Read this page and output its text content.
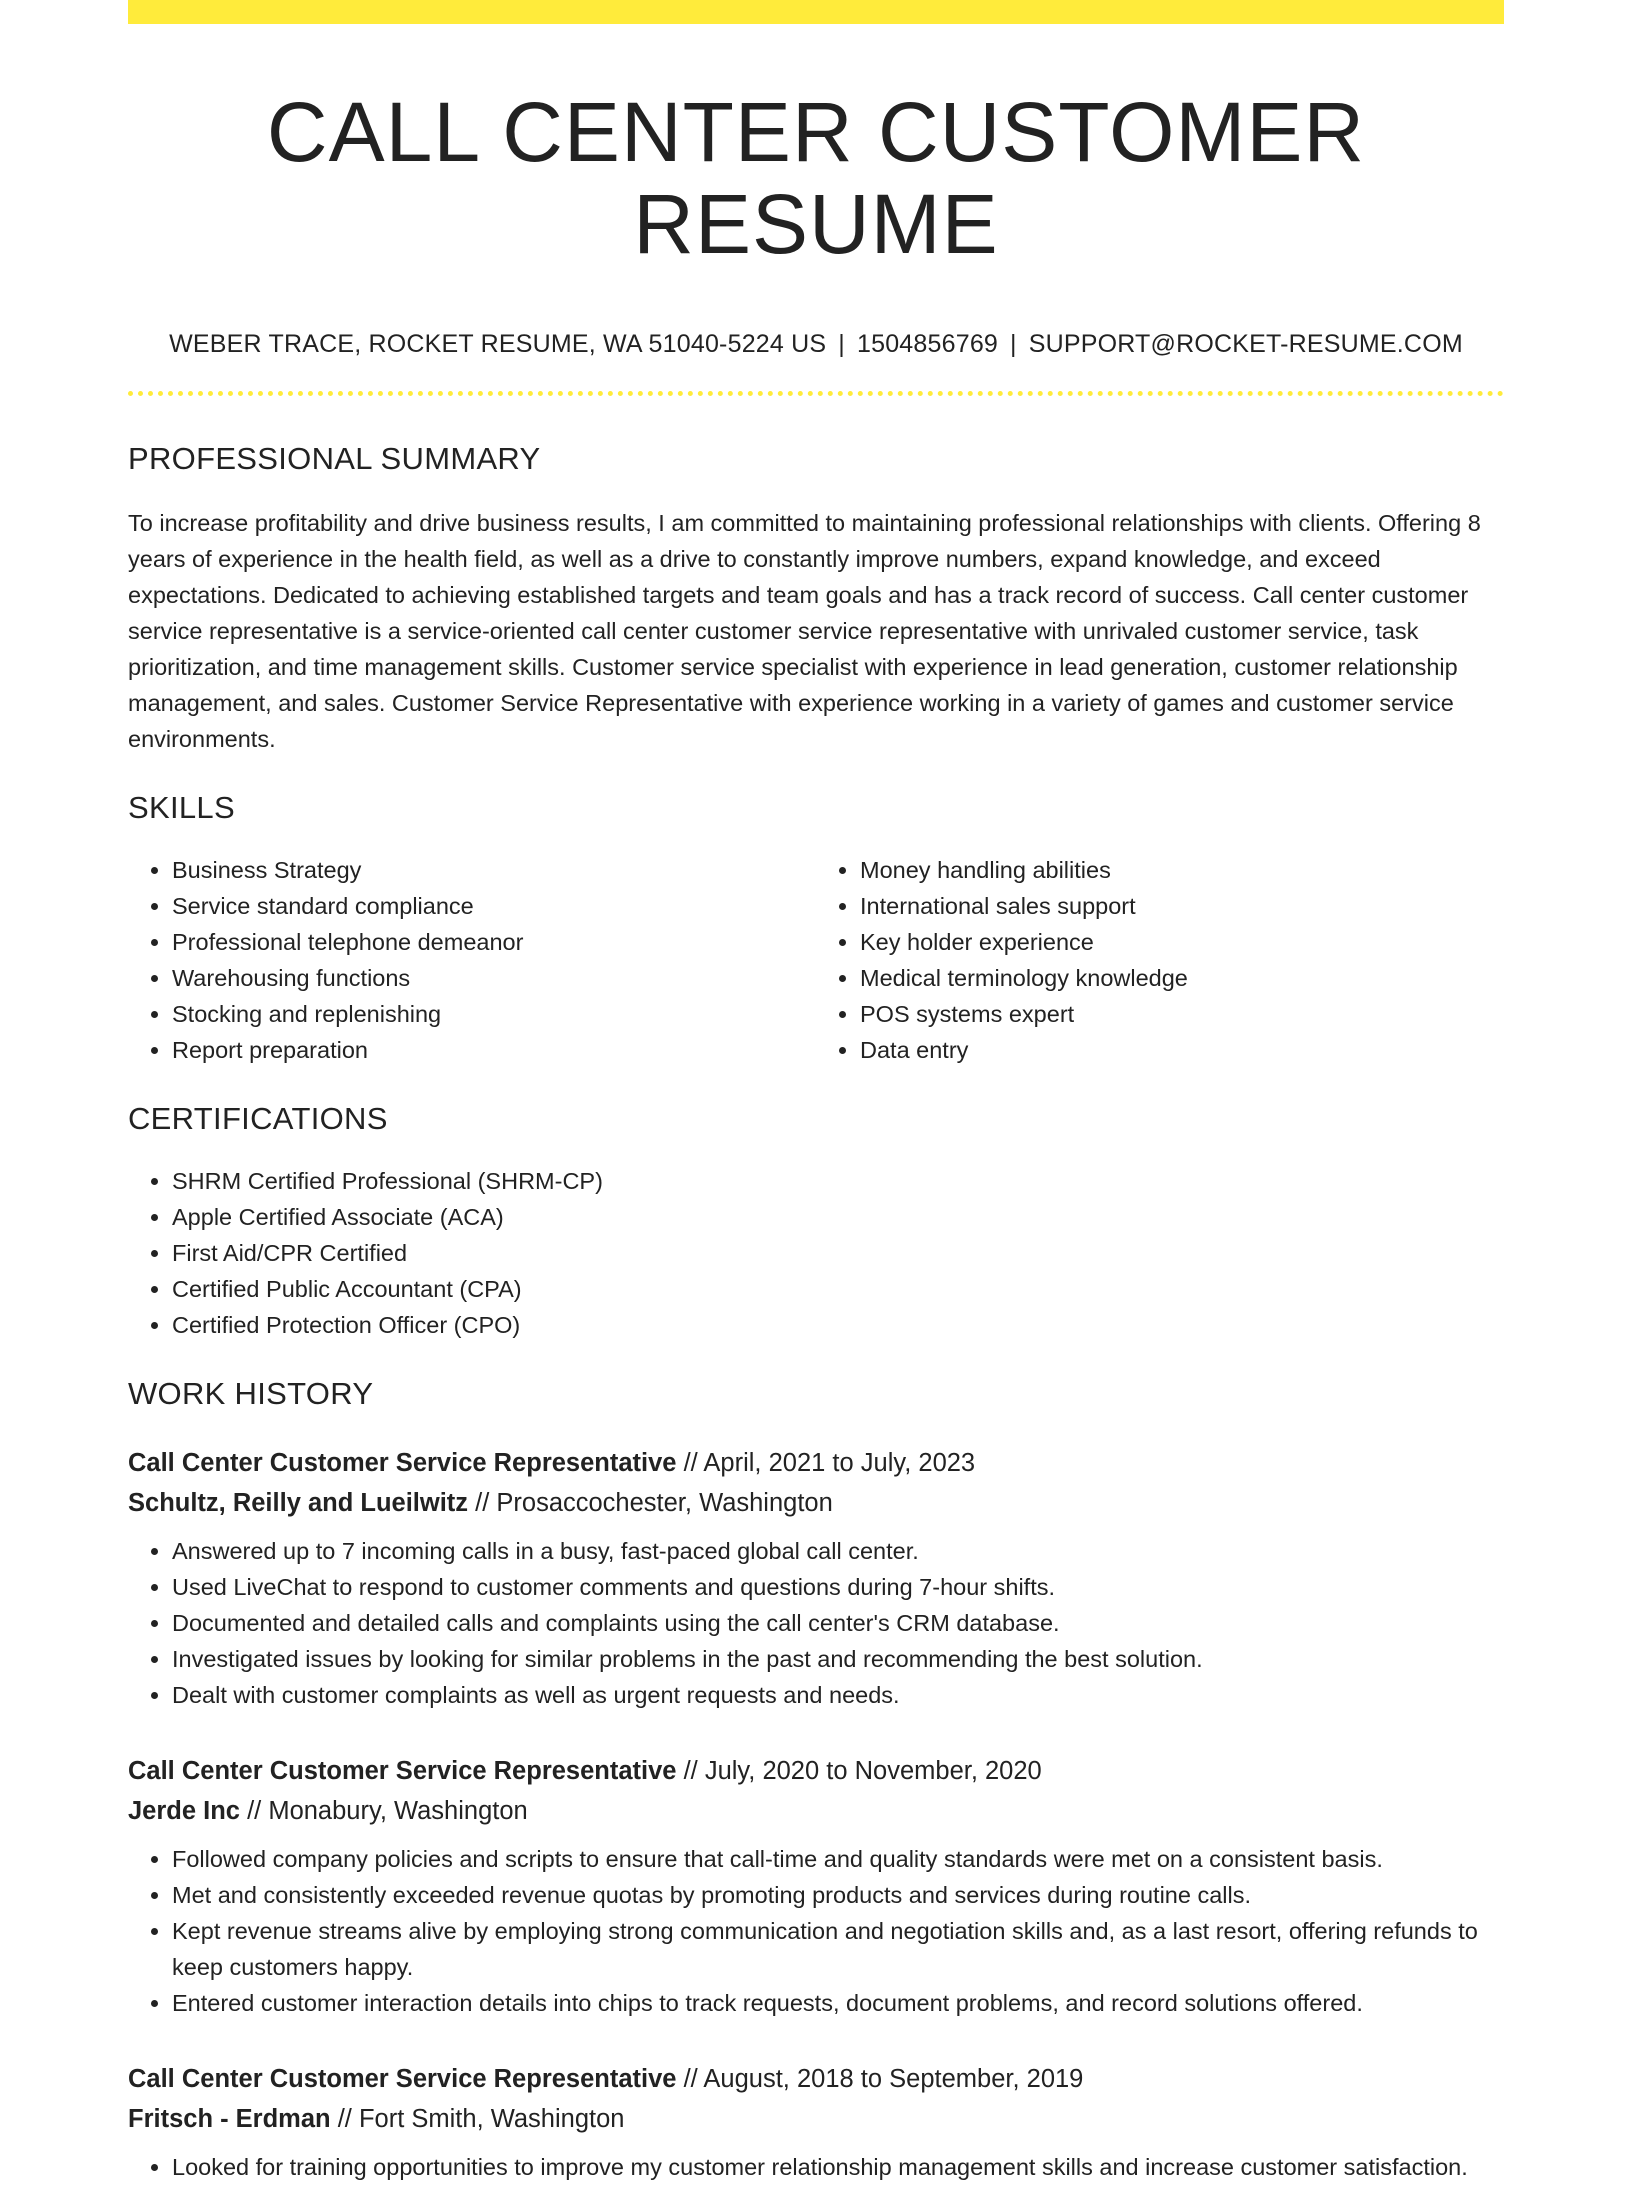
CALL CENTER CUSTOMER RESUME
WEBER TRACE, ROCKET RESUME, WA 51040-5224 US | 1504856769 | SUPPORT@ROCKET-RESUME.COM
PROFESSIONAL SUMMARY

To increase profitability and drive business results, I am committed to maintaining professional relationships with clients. Offering 8 years of experience in the health field, as well as a drive to constantly improve numbers, expand knowledge, and exceed expectations. Dedicated to achieving established targets and team goals and has a track record of success. Call center customer service representative is a service-oriented call center customer service representative with unrivaled customer service, task prioritization, and time management skills. Customer service specialist with experience in lead generation, customer relationship management, and sales. Customer Service Representative with experience working in a variety of games and customer service environments.

SKILLS
• Business Strategy
• Service standard compliance
• Professional telephone demeanor
• Warehousing functions
• Stocking and replenishing
• Report preparation
• Money handling abilities
• International sales support
• Key holder experience
• Medical terminology knowledge
• POS systems expert
• Data entry
CERTIFICATIONS
• SHRM Certified Professional (SHRM-CP)
• Apple Certified Associate (ACA)
• First Aid/CPR Certified
• Certified Public Accountant (CPA)
• Certified Protection Officer (CPO)
WORK HISTORY
Call Center Customer Service Representative // April, 2021 to July, 2023
Schultz, Reilly and Lueilwitz // Prosaccochester, Washington
• Answered up to 7 incoming calls in a busy, fast-paced global call center.
• Used LiveChat to respond to customer comments and questions during 7-hour shifts.
• Documented and detailed calls and complaints using the call center's CRM database.
• Investigated issues by looking for similar problems in the past and recommending the best solution.
• Dealt with customer complaints as well as urgent requests and needs.
Call Center Customer Service Representative // July, 2020 to November, 2020
Jerde Inc // Monabury, Washington
• Followed company policies and scripts to ensure that call-time and quality standards were met on a consistent basis.
• Met and consistently exceeded revenue quotas by promoting products and services during routine calls.
• Kept revenue streams alive by employing strong communication and negotiation skills and, as a last resort, offering refunds to keep customers happy.
• Entered customer interaction details into chips to track requests, document problems, and record solutions offered.
Call Center Customer Service Representative // August, 2018 to September, 2019
Fritsch - Erdman // Fort Smith, Washington
• Looked for training opportunities to improve my customer relationship management skills and increase customer satisfaction.
